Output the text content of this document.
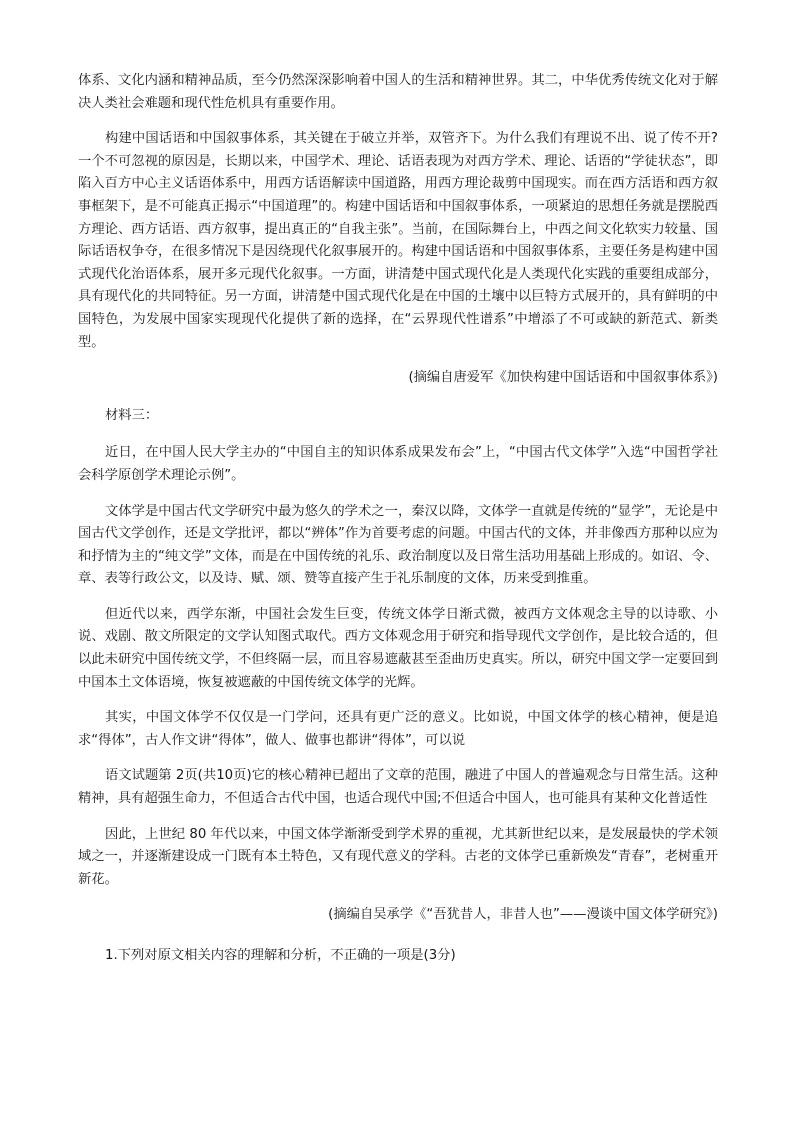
体系、文化内涵和精神品质，至今仍然深深影响着中国人的生活和精神世界。其二，中华优秀传统文化对于解决人类社会难题和现代性危机具有重要作用。

构建中国话语和中国叙事体系，其关键在于破立并举，双管齐下。为什么我们有理说不出、说了传不开?一个不可忽视的原因是，长期以来，中国学术、理论、话语表现为对西方学术、理论、话语的“学徒状态”，即陷入百方中心主义话语体系中，用西方话语解读中国道路，用西方理论裁剪中国现实。而在西方活语和西方叙事框架下，是不可能真正揭示“中国道理”的。构建中国话语和中国叙事体系，一项紧迫的思想任务就是摆脱西方理论、西方话语、西方叙事，提出真正的“自我主张”。当前，在国际舞台上，中西之间文化软实力较量、国际话语权争夺，在很多情况下是因绕现代化叙事展开的。构建中国话语和中国叙事体系，主要任务是构建中国式现代化治语体系，展开多元现代化叙事。一方面，讲清楚中国式现代化是人类现代化实践的重要组成部分，具有现代化的共同特征。另一方面，讲清楚中国式现代化是在中国的土壤中以巨特方式展开的，具有鲜明的中国特色，为发展中国家实现现代化提供了新的选择，在“云界现代性谱系”中增添了不可或缺的新范式、新类型。

(摘编自唐爱军《加快构建中国话语和中国叙事体系》)

材料三：

近日，在中国人民大学主办的“中国自主的知识体系成果发布会”上，“中国古代文体学”入选“中国哲学社会科学原创学术理论示例”。

文体学是中国古代文学研究中最为悠久的学术之一，秦汉以降，文体学一直就是传统的“显学”，无论是中国古代文学创作，还是文学批评，都以“辨体”作为首要考虑的问题。中国古代的文体，并非像西方那种以应为和抒情为主的“纯文学”文体，而是在中国传统的礼乐、政治制度以及日常生活功用基础上形成的。如诏、令、章、表等行政公文，以及诗、赋、颂、赞等直接产生于礼乐制度的文体，历来受到推重。

但近代以来，西学东渐，中国社会发生巨变，传统文体学日渐式微，被西方文体观念主导的以诗歌、小说、戏剧、散文所限定的文学认知图式取代。西方文体观念用于研究和指导现代文学创作，是比较合适的，但以此未研究中国传统文学，不但终隔一层，而且容易遮蔽甚至歪曲历史真实。所以，研究中国文学一定要回到中国本土文体语境，恢复被遮蔽的中国传统文体学的光辉。

其实，中国文体学不仅仅是一门学问，还具有更广泛的意义。比如说，中国文体学的核心精神，便是追求“得体”，古人作文讲“得体”，做人、做事也都讲“得体”，可以说

语文试题第 2页(共10页)它的核心精神已超出了文章的范围，融进了中国人的普遍观念与日常生活。这种精神，具有超强生命力，不但适合古代中国，也适合现代中国;不但适合中国人，也可能具有某种文化普适性

因此，上世纪 80 年代以来，中国文体学渐渐受到学术界的重视，尤其新世纪以来，是发展最快的学术领域之一，并逐渐建设成一门既有本土特色，又有现代意义的学科。古老的文体学已重新焕发“青春”，老树重开新花。

(摘编自吴承学《“吾犹昔人，非昔人也”——漫谈中国文体学研究》)

1.下列对原文相关内容的理解和分析，不正确的一项是(3分)
